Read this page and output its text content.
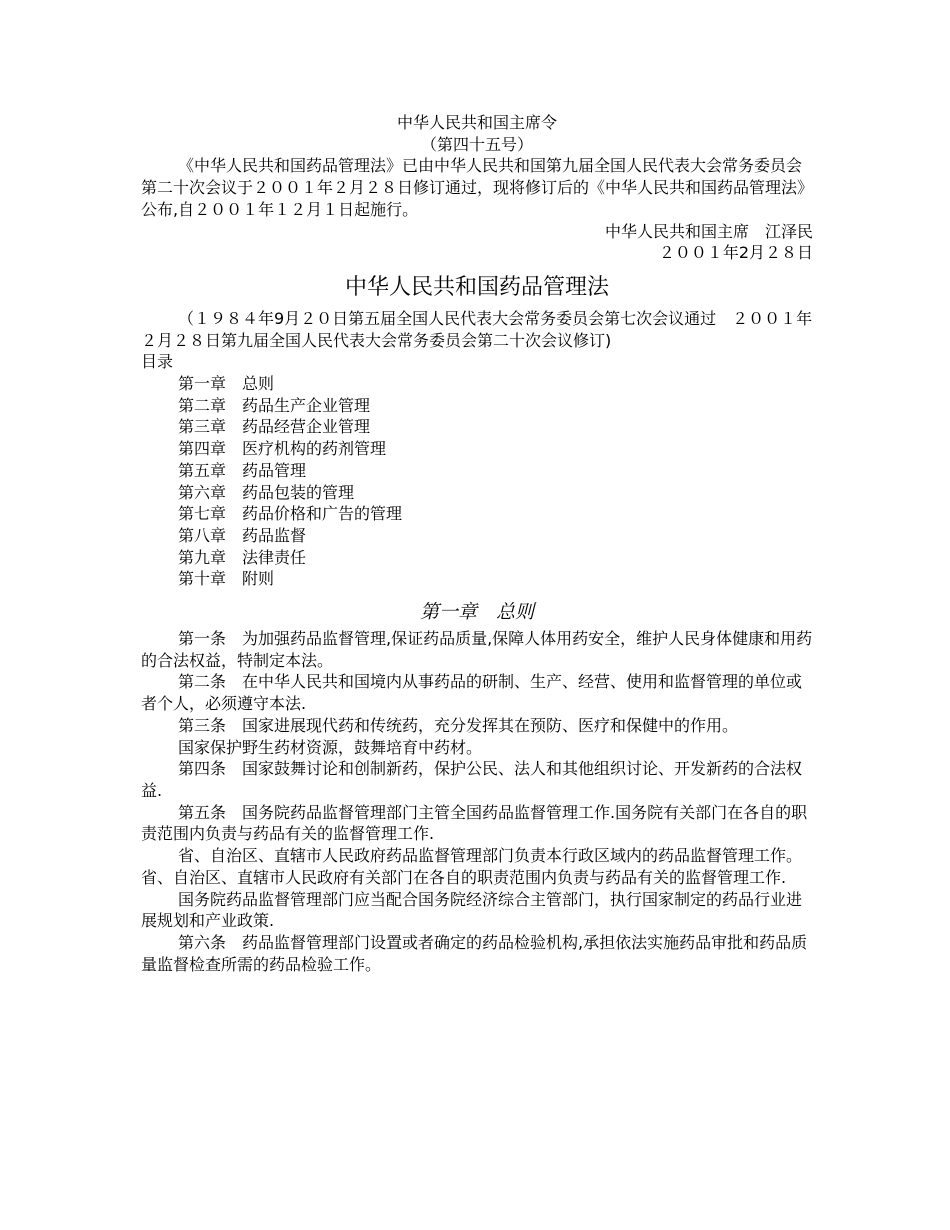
中华人民共和国主席令

（第四十五号）

《中华人民共和国药品管理法》已由中华人民共和国第九届全国人民代表大会常务委员会第二十次会议于２００１年２月２８日修订通过，现将修订后的《中华人民共和国药品管理法》公布,自２００１年１２月１日起施行。

中华人民共和国主席　江泽民

２００１年2月２８日

中华人民共和国药品管理法

（１９８４年9月２０日第五届全国人民代表大会常务委员会第七次会议通过　２００１年２月２８日第九届全国人民代表大会常务委员会第二十次会议修订)

目录

第一章　总则
第二章　药品生产企业管理
第三章　药品经营企业管理
第四章　医疗机构的药剂管理
第五章　药品管理
第六章　药品包装的管理
第七章　药品价格和广告的管理
第八章　药品监督
第九章　法律责任
第十章　附则
第一章　总则

第一条　为加强药品监督管理,保证药品质量,保障人体用药安全，维护人民身体健康和用药的合法权益，特制定本法。

第二条　在中华人民共和国境内从事药品的研制、生产、经营、使用和监督管理的单位或者个人，必须遵守本法.

第三条　国家进展现代药和传统药，充分发挥其在预防、医疗和保健中的作用。

国家保护野生药材资源，鼓舞培育中药材。

第四条　国家鼓舞讨论和创制新药，保护公民、法人和其他组织讨论、开发新药的合法权益.

第五条　国务院药品监督管理部门主管全国药品监督管理工作.国务院有关部门在各自的职责范围内负责与药品有关的监督管理工作.

省、自治区、直辖市人民政府药品监督管理部门负责本行政区域内的药品监督管理工作。省、自治区、直辖市人民政府有关部门在各自的职责范围内负责与药品有关的监督管理工作.

国务院药品监督管理部门应当配合国务院经济综合主管部门，执行国家制定的药品行业进展规划和产业政策.

第六条　药品监督管理部门设置或者确定的药品检验机构,承担依法实施药品审批和药品质量监督检查所需的药品检验工作。
